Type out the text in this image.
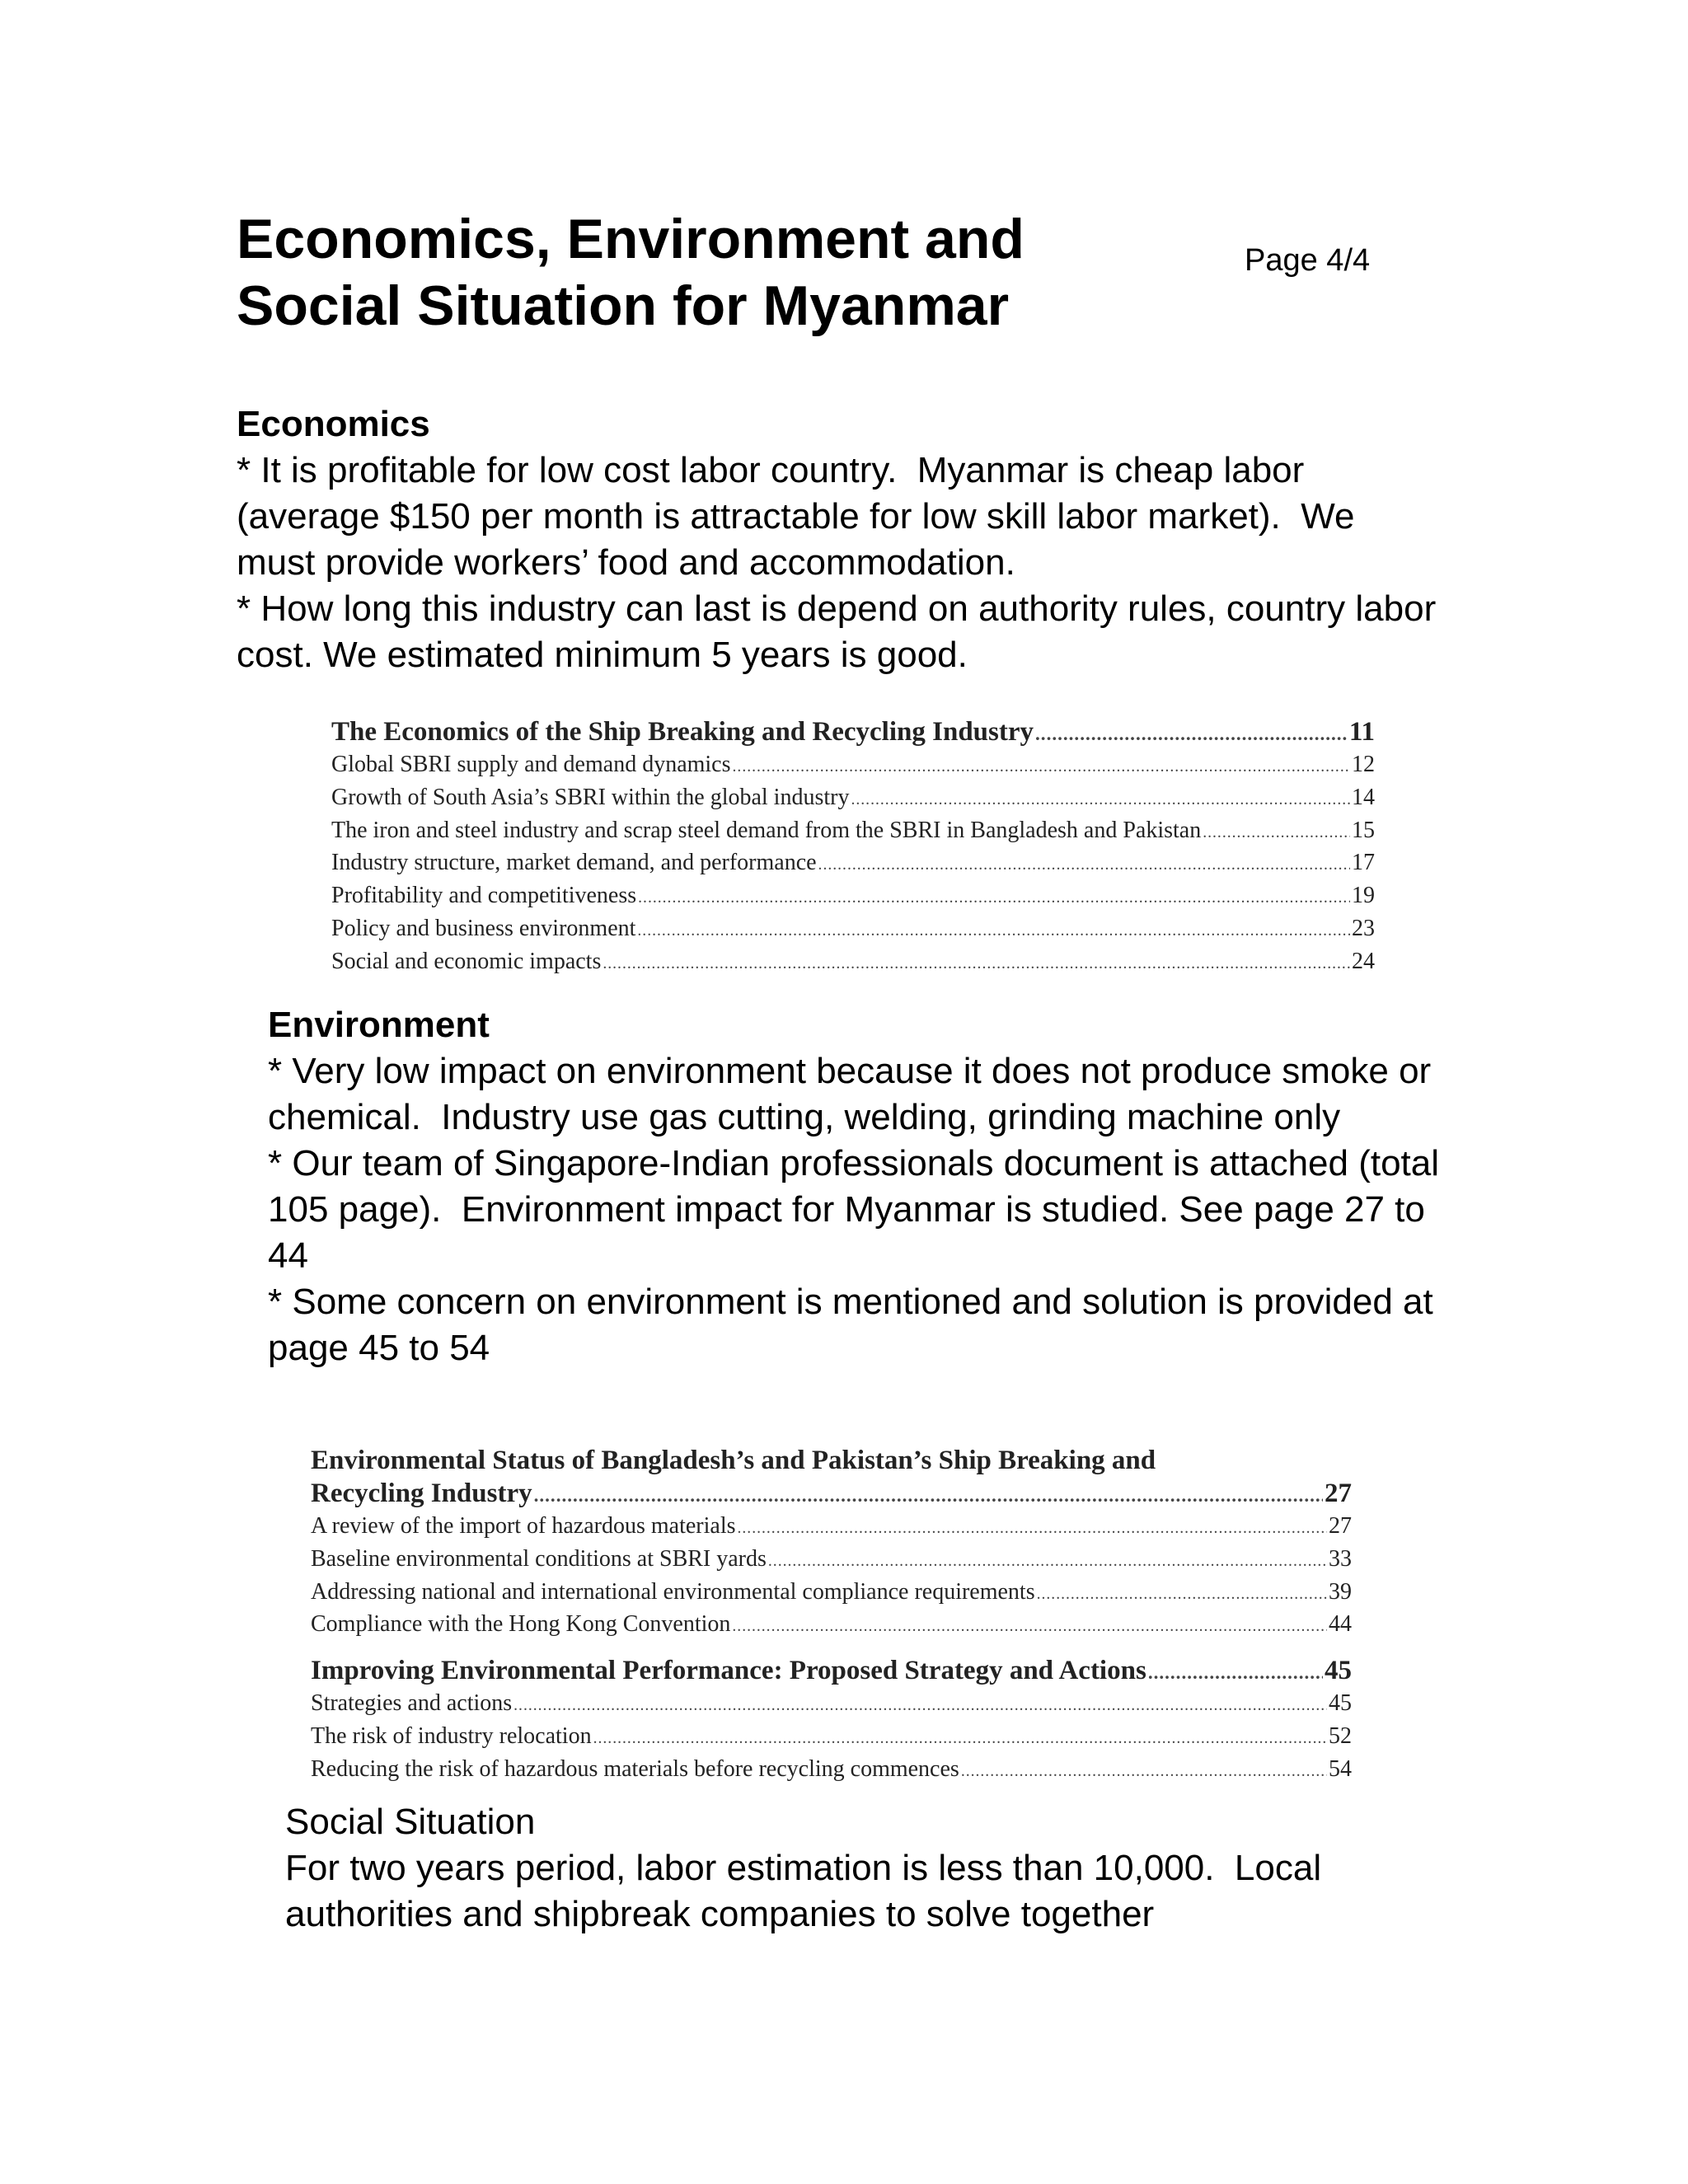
Economics, Environment and
Social Situation for Myanmar
Page 4/4
Economics

* It is profitable for low cost labor country.  Myanmar is cheap labor (average $150 per month is attractable for low skill labor market).  We must provide workers’ food and accommodation.

* How long this industry can last is depend on authority rules, country labor cost. We estimated minimum 5 years is good.

The Economics of the Ship Breaking and Recycling Industry .....	11
Global SBRI supply and demand dynamics .....	12
Growth of South Asia’s SBRI within the global industry .....	14
The iron and steel industry and scrap steel demand from the SBRI in Bangladesh and Pakistan .....	15
Industry structure, market demand, and performance .....	17
Profitability and competitiveness .....	19
Policy and business environment .....	23
Social and economic impacts .....	24
Environment

* Very low impact on environment because it does not produce smoke or chemical.  Industry use gas cutting, welding, grinding machine only

* Our team of Singapore-Indian professionals document is attached (total 105 page).  Environment impact for Myanmar is studied. See page 27 to 44

* Some concern on environment is mentioned and solution is provided at page 45 to 54

Environmental Status of Bangladesh’s and Pakistan’s Ship Breaking and
Recycling Industry .....	27
A review of the import of hazardous materials .....	27
Baseline environmental conditions at SBRI yards .....	33
Addressing national and international environmental compliance requirements .....	39
Compliance with the Hong Kong Convention .....	44
Improving Environmental Performance: Proposed Strategy and Actions .....	45
Strategies and actions .....	45
The risk of industry relocation .....	52
Reducing the risk of hazardous materials before recycling commences .....	54
Social Situation

For two years period, labor estimation is less than 10,000.  Local authorities and shipbreak companies to solve together
